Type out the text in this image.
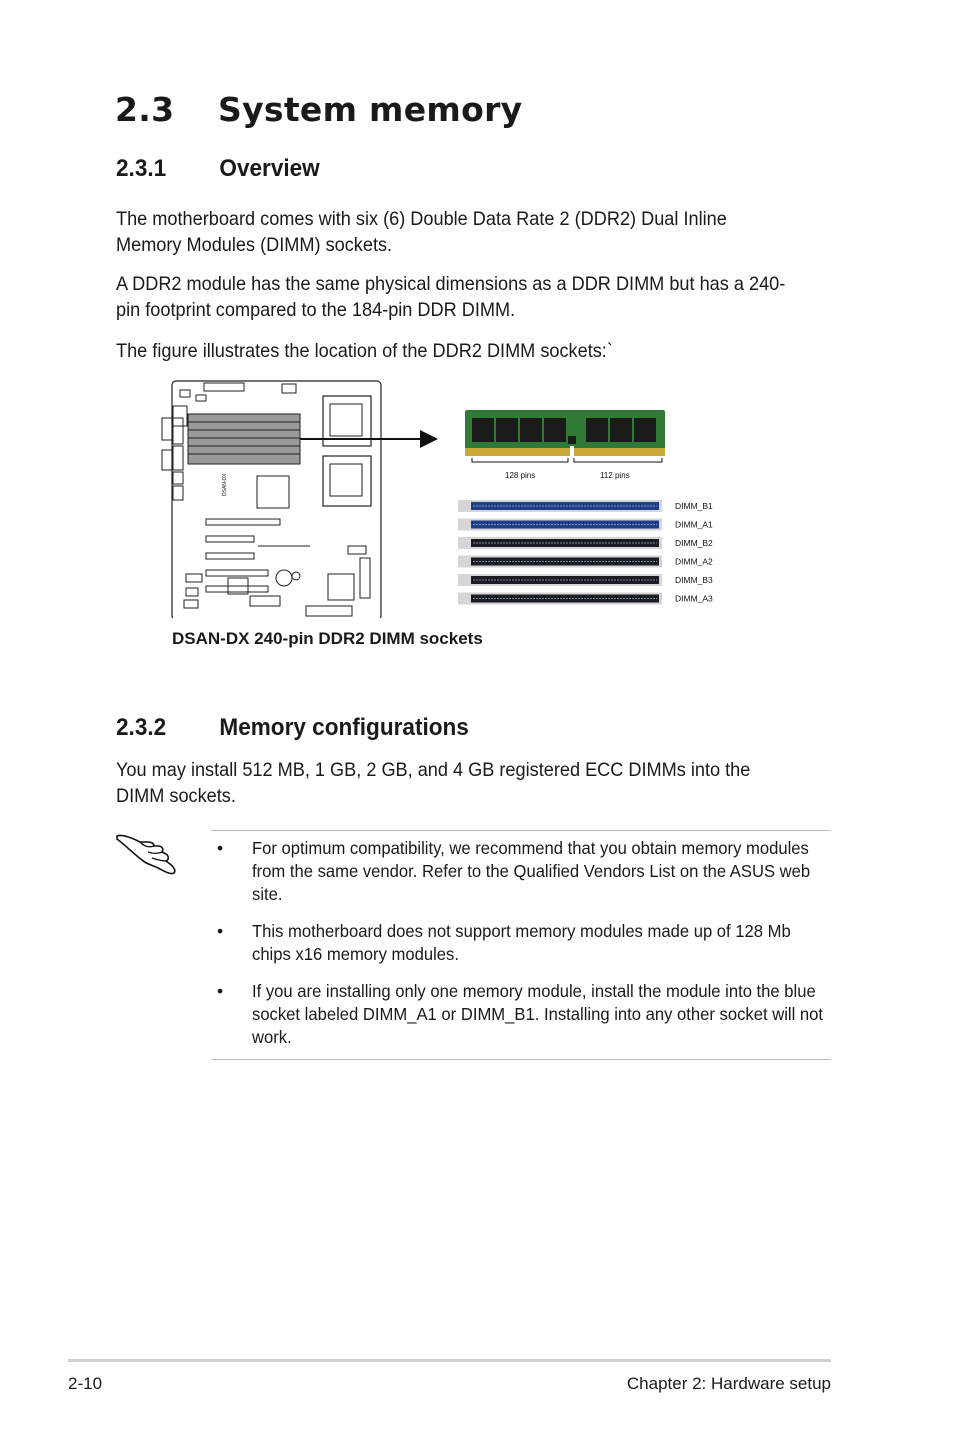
2.3 System memory
2.3.1 Overview

The motherboard comes with six (6) Double Data Rate 2 (DDR2) Dual Inline Memory Modules (DIMM) sockets.

A DDR2 module has the same physical dimensions as a DDR DIMM but has a 240-pin footprint compared to the 184-pin DDR DIMM.

The figure illustrates the location of the DDR2 DIMM sockets:`

DSAN-DX	128 pins	112 pins
DIMM_B1
DIMM_A1
DIMM_B2
DIMM_A2
DIMM_B3
DIMM_A3
DSAN-DX 240-pin DDR2 DIMM sockets
2.3.2 Memory configurations

You may install 512 MB, 1 GB, 2 GB, and 4 GB registered ECC DIMMs into the DIMM sockets.

• For optimum compatibility, we recommend that you obtain memory modules from the same vendor. Refer to the Qualified Vendors List on the ASUS web site.
• This motherboard does not support memory modules made up of 128 Mb chips x16 memory modules.
• If you are installing only one memory module, install the module into the blue socket labeled DIMM_A1 or DIMM_B1. Installing into any other socket will not work.
2-10	Chapter 2: Hardware setup
